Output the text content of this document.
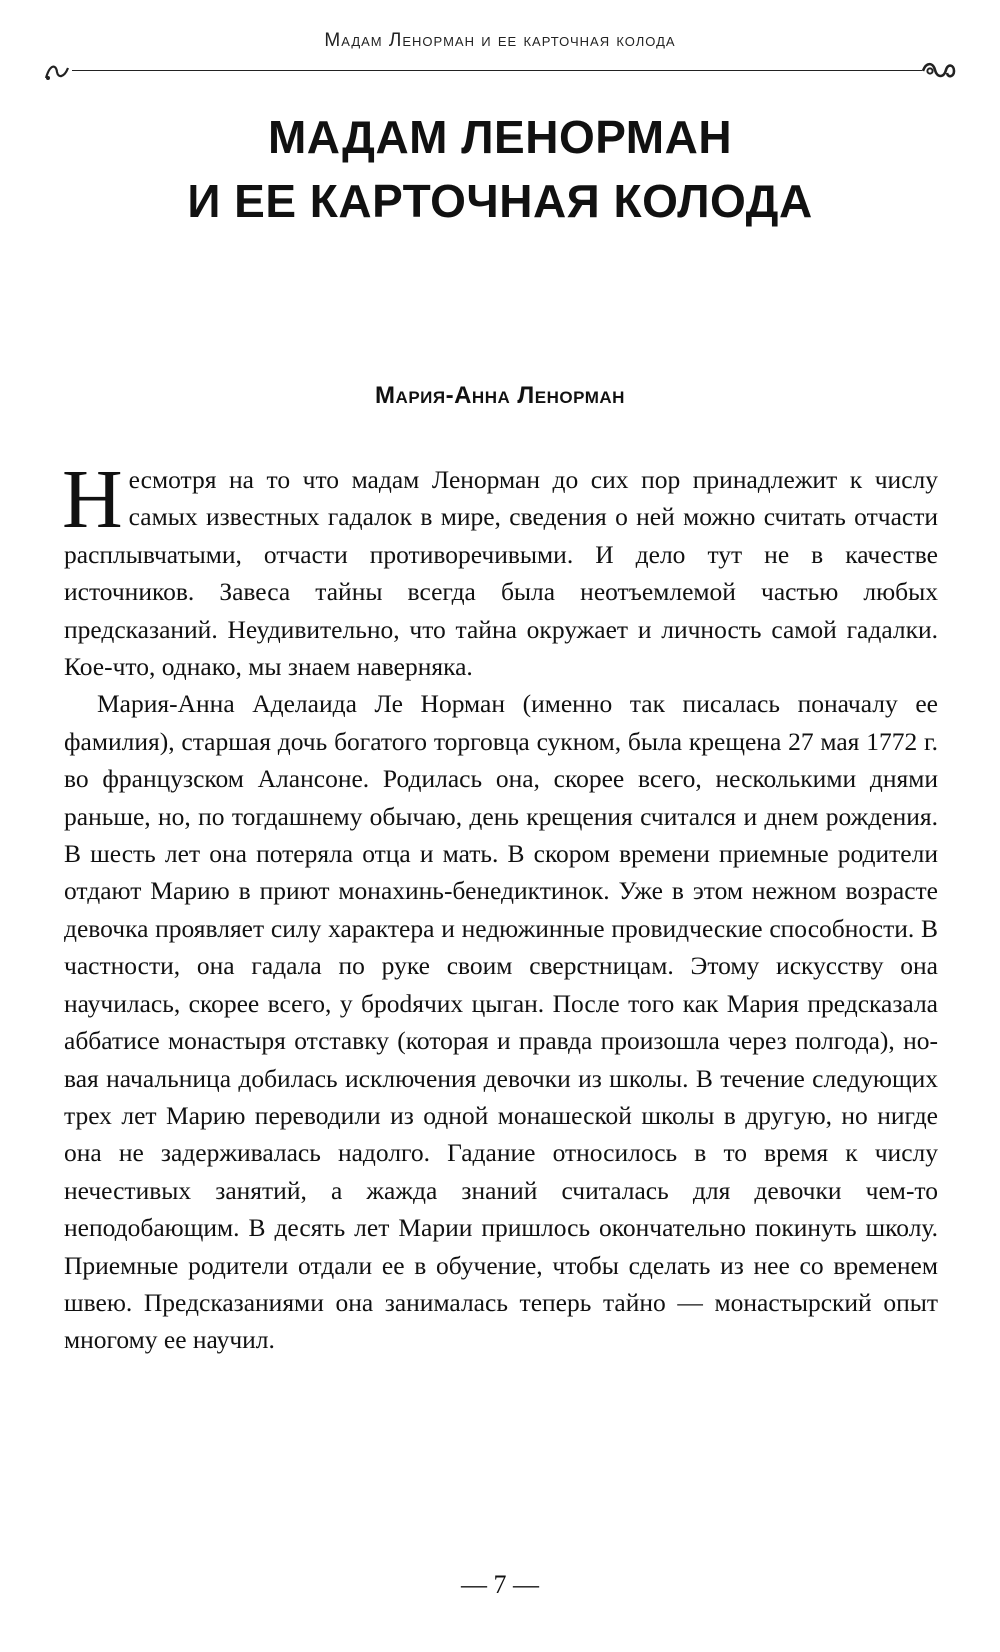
Мадам Ленорман и ее карточная колода
МАДАМ ЛЕНОРМАН
И ЕЕ КАРТОЧНАЯ КОЛОДА
Мария-Анна Ленорман

Несмотря на то что мадам Ленорман до сих пор принадлежит к числу самых известных гадалок в мире, сведения о ней можно считать отчасти расплывчатыми, отчасти противоречивыми. И дело тут не в качестве источников. Завеса тайны всегда была неотъемлемой частью любых предсказаний. Неудивительно, что тайна окружает и личность самой гадалки. Кое-что, однако, мы знаем наверняка.

Мария-Анна Аделаида Ле Норман (именно так писалась поначалу ее фамилия), старшая дочь богатого торговца сукном, была крещена 27 мая 1772 г. во французском Алансоне. Родилась она, скорее всего, несколькими днями раньше, но, по тогдашнему обычаю, день крещения считался и днем рождения. В шесть лет она потеряла отца и мать. В скором времени приемные родители отдают Марию в приют монахинь-бенедиктинок. Уже в этом нежном возрасте девочка проявляет силу характера и недюжинные провидческие способности. В частности, она гадала по руке своим сверстницам. Этому искусству она научилась, скорее всего, у броdячих цыган. После того как Мария предсказала аббатисе монастыря отставку (которая и правда произошла через полгода), новая начальница добилась исключения девочки из школы. В течение следующих трех лет Марию переводили из одной монашеской школы в другую, но нигде она не задерживалась надолго. Гадание относилось в то время к числу нечестивых занятий, а жажда знаний считалась для девочки чем-то неподобающим. В десять лет Марии пришлось окончательно покинуть школу. Приемные родители отдали ее в обучение, чтобы сделать из нее со временем швею. Предсказаниями она занималась теперь тайно — монастырский опыт многому ее научил.

— 7 —
